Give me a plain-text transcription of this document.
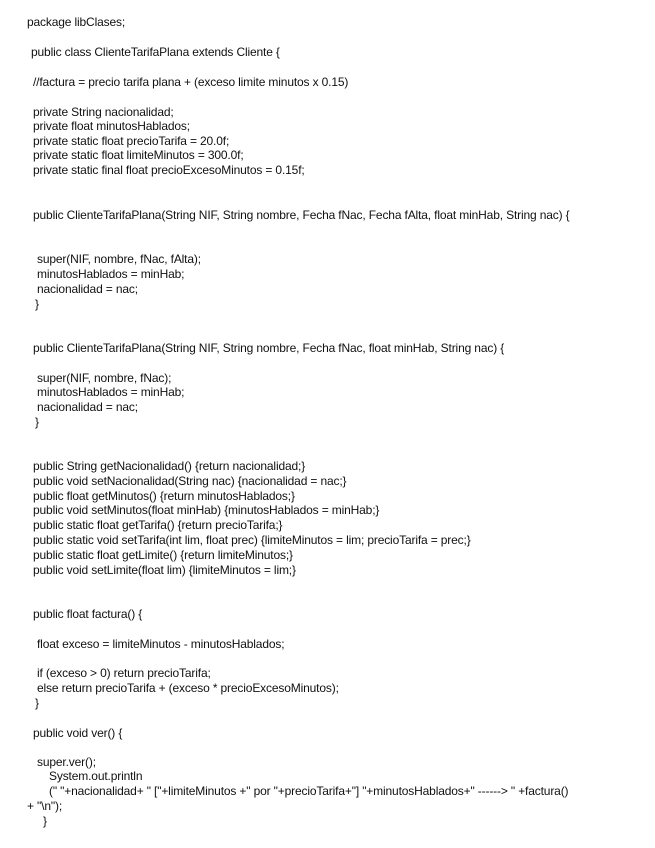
package libClases;
public class ClienteTarifaPlana extends Cliente {
//factura = precio tarifa plana + (exceso limite minutos x 0.15)
private String nacionalidad;
private float minutosHablados;
private static float precioTarifa = 20.0f;
private static float limiteMinutos = 300.0f;
private static final float precioExcesoMinutos = 0.15f;
public ClienteTarifaPlana(String NIF, String nombre, Fecha fNac, Fecha fAlta, float minHab, String nac) {
super(NIF, nombre, fNac, fAlta);
minutosHablados = minHab;
nacionalidad = nac;
}
public ClienteTarifaPlana(String NIF, String nombre, Fecha fNac, float minHab, String nac) {
super(NIF, nombre, fNac);
minutosHablados = minHab;
nacionalidad = nac;
}
public String getNacionalidad() {return nacionalidad;}
public void setNacionalidad(String nac) {nacionalidad = nac;}
public float getMinutos() {return minutosHablados;}
public void setMinutos(float minHab) {minutosHablados = minHab;}
public static float getTarifa() {return precioTarifa;}
public static void setTarifa(int lim, float prec) {limiteMinutos = lim; precioTarifa = prec;}
public static float getLimite() {return limiteMinutos;}
public void setLimite(float lim) {limiteMinutos = lim;}
public float factura() {
float exceso = limiteMinutos - minutosHablados;
if (exceso > 0) return precioTarifa;
else return precioTarifa + (exceso * precioExcesoMinutos);
}
public void ver() {
super.ver();
System.out.println
(" "+nacionalidad+ " ["+limiteMinutos +" por "+precioTarifa+"] "+minutosHablados+" ------> " +factura()
+ "\n");
}
